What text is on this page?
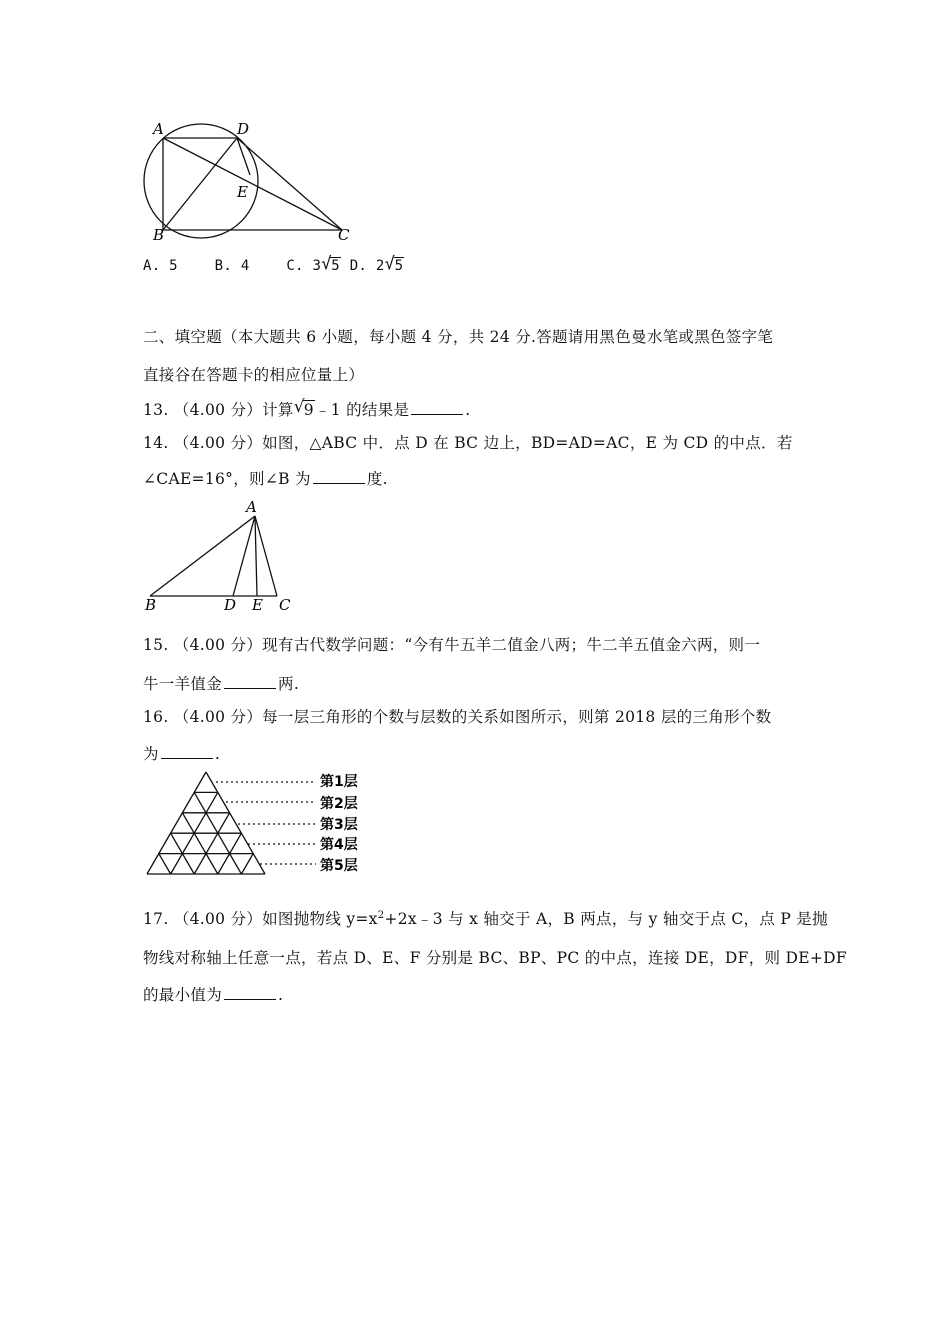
A	D
E
B	C
A. 5	B. 4	C. 3 √ 5 D. 2 √ 5
二、填空题（本大题共 6 小题，每小题 4 分，共 24 分.答题请用黑色曼水笔或黑色签字笔
直接谷在答题卡的相应位量上）
13. （4.00 分）计算 √
9﹣1 的结果是	.
14. （4.00 分）如图，△ABC 中．点 D 在 BC 边上，BD=AD=AC，E 为 CD 的中点．若
∠CAE=16°，则∠B 为	度.
A
B	D E C
15. （4.00 分）现有古代数学问题：“今有牛五羊二值金八两；牛二羊五值金六两，则一
牛一羊值金	两.
16. （4.00 分）每一层三角形的个数与层数的关系如图所示，则第 2018 层的三角形个数
为	.
第1层
第2层
第3层
第4层
第5层
17. （4.00 分）如图抛物线 $y=x^2+2x﹣3$ 与 x 轴交于 A，B 两点，与 y 轴交于点 C，点 P 是抛
物线对称轴上任意一点，若点 D、E、F 分别是 BC、BP、PC 的中点，连接 DE，DF，则 DE+DF
的最小值为	.
